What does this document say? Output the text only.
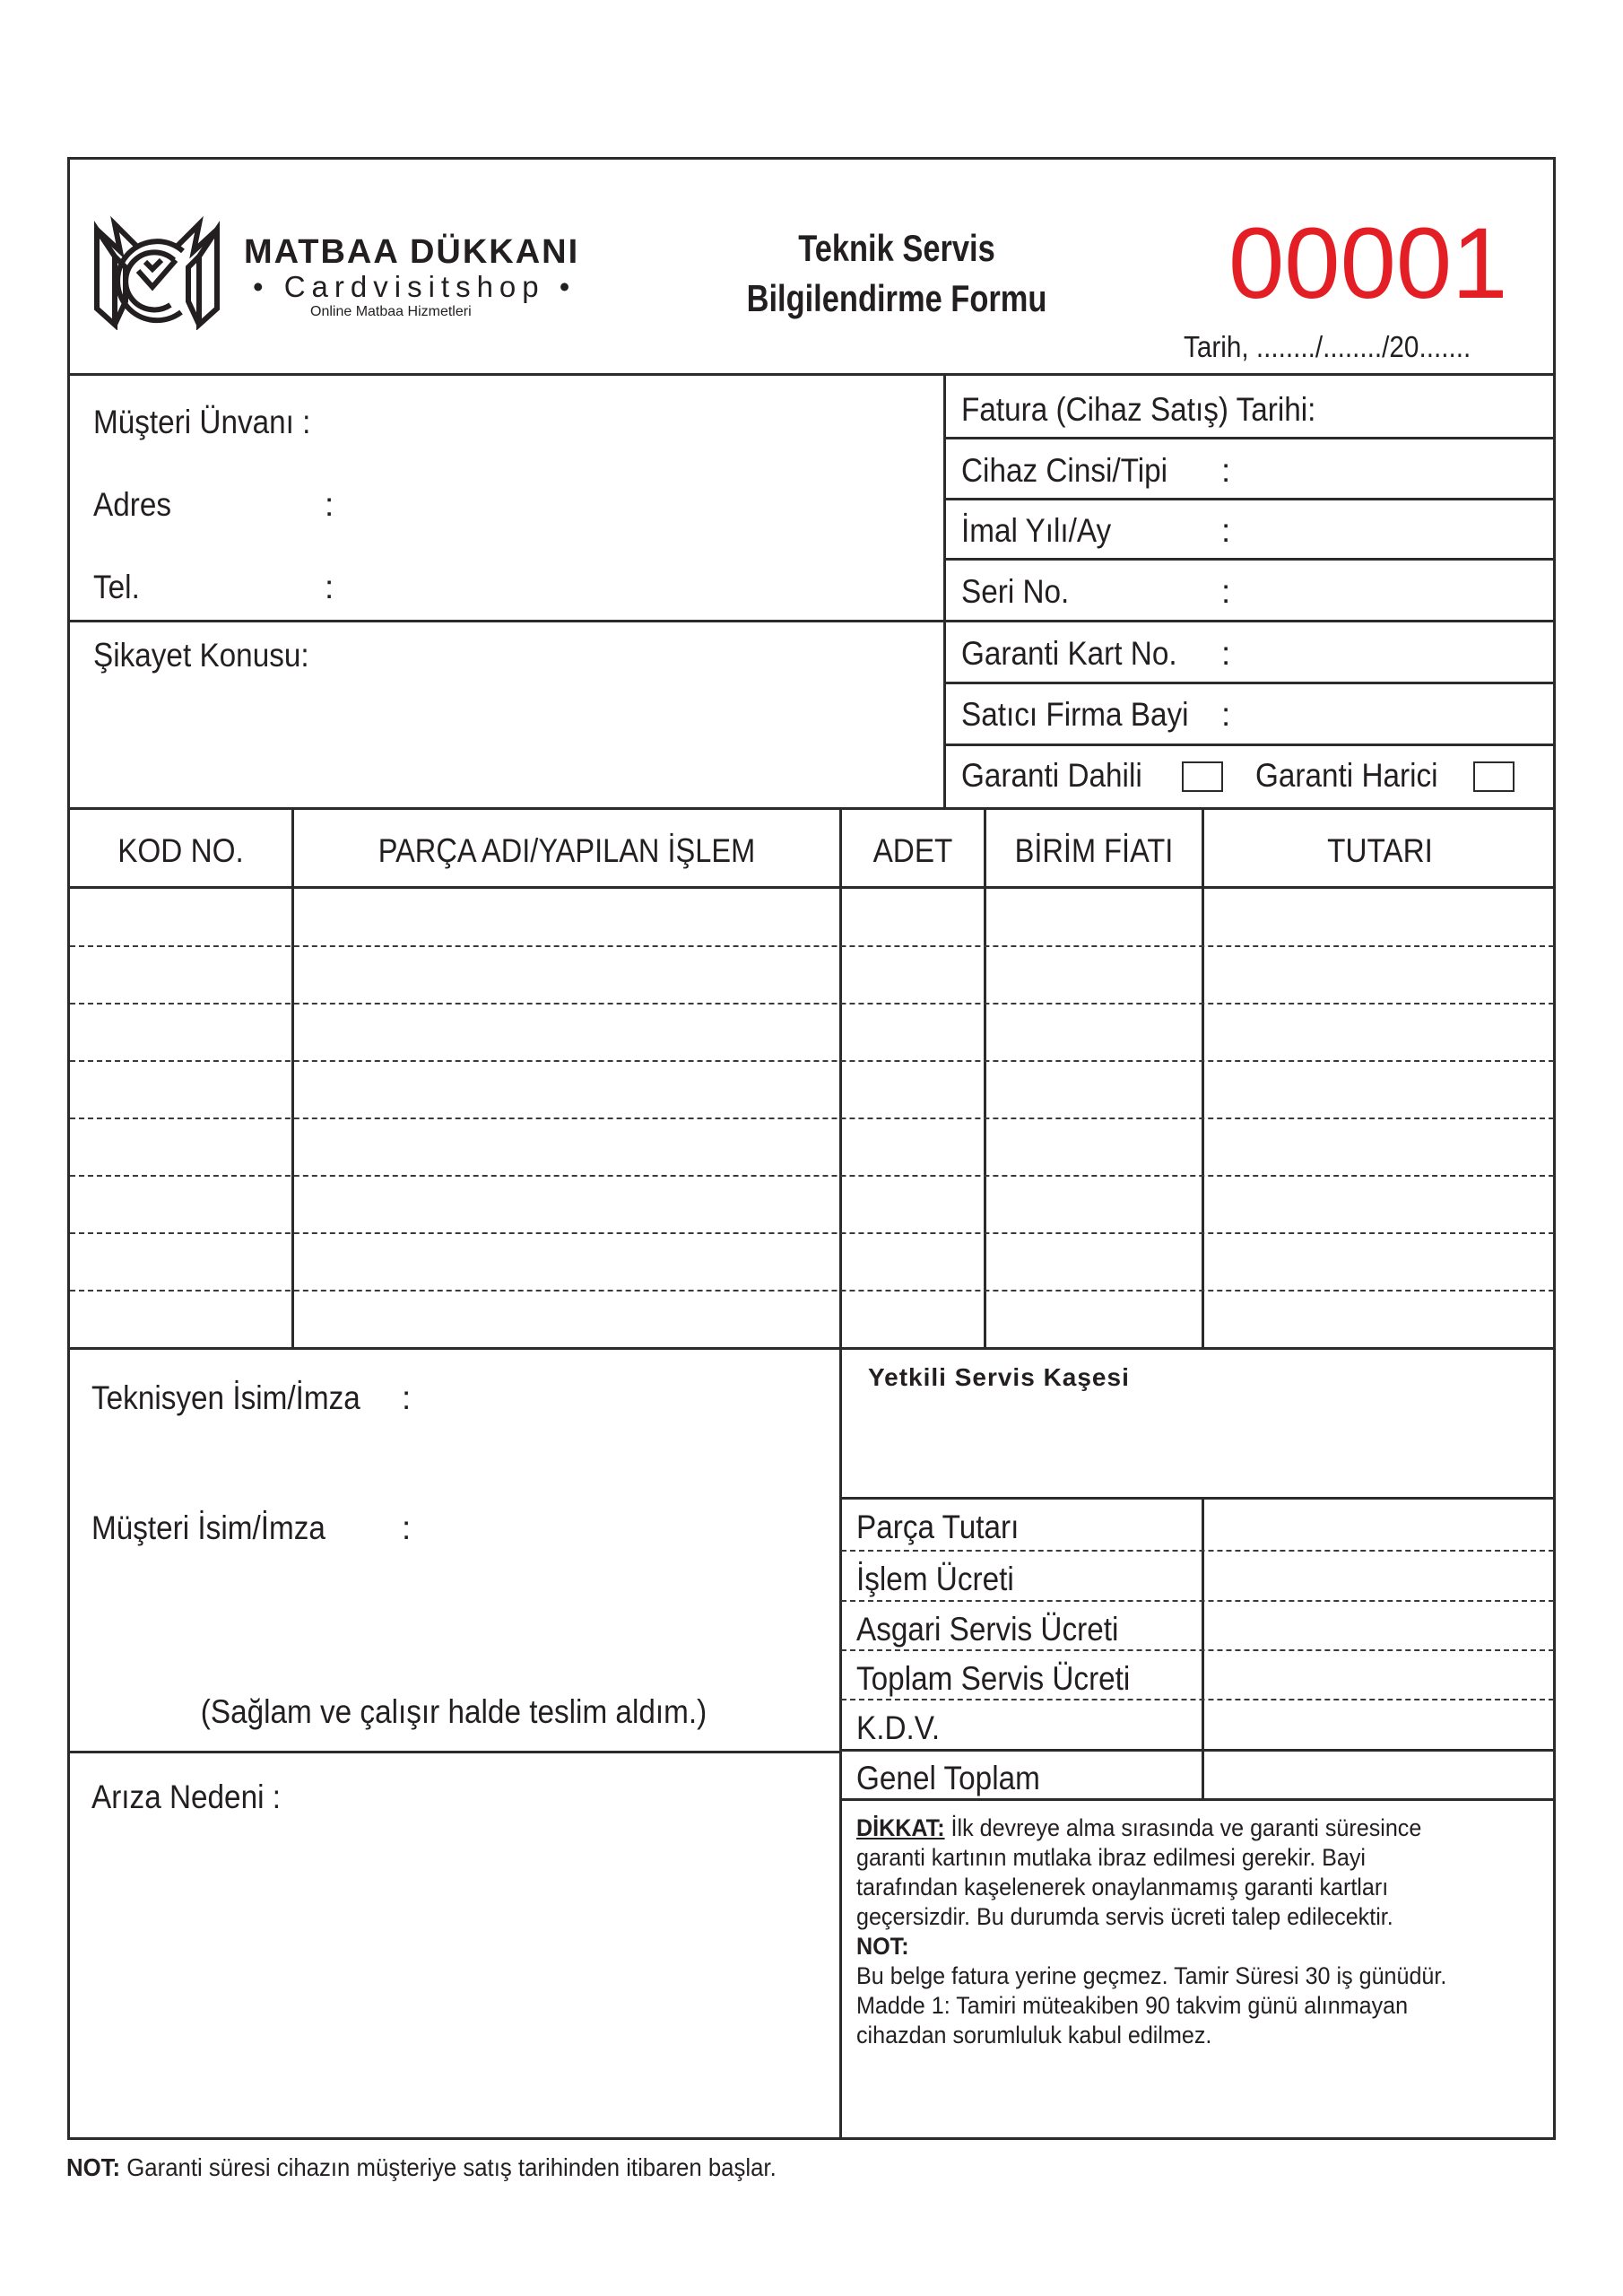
MATBAA DÜKKANI
• Cardvisitshop •
Online Matbaa Hizmetleri
Teknik Servis
Bilgilendirme Formu	00001
Tarih, ......../......../20.......
Müşteri Ünvanı :
Adres	:
Tel.	:
Şikayet Konusu:
Fatura (Cihaz Satış) Tarihi:
Cihaz Cinsi/Tipi :
İmal Yılı/Ay	:
Seri No.	:
Garanti Kart No. :
Satıcı Firma Bayi :
Garanti Dahili	Garanti Harici
KOD NO.	PARÇA ADI/YAPILAN İŞLEM	ADET	BİRİM FİATI	TUTARI
Teknisyen İsim/İmza :
Müşteri İsim/İmza :
(Sağlam ve çalışır halde teslim aldım.)
Arıza Nedeni :
Yetkili Servis Kaşesi
Parça Tutarı
İşlem Ücreti
Asgari Servis Ücreti
Toplam Servis Ücreti
K.D.V.
Genel Toplam
DİKKAT: İlk devreye alma sırasında ve garanti süresince
garanti kartının mutlaka ibraz edilmesi gerekir. Bayi
tarafından kaşelenerek onaylanmamış garanti kartları
geçersizdir. Bu durumda servis ücreti talep edilecektir.
NOT:
Bu belge fatura yerine geçmez. Tamir Süresi 30 iş günüdür.
Madde 1: Tamiri müteakiben 90 takvim günü alınmayan
cihazdan sorumluluk kabul edilmez.
NOT: Garanti süresi cihazın müşteriye satış tarihinden itibaren başlar.
